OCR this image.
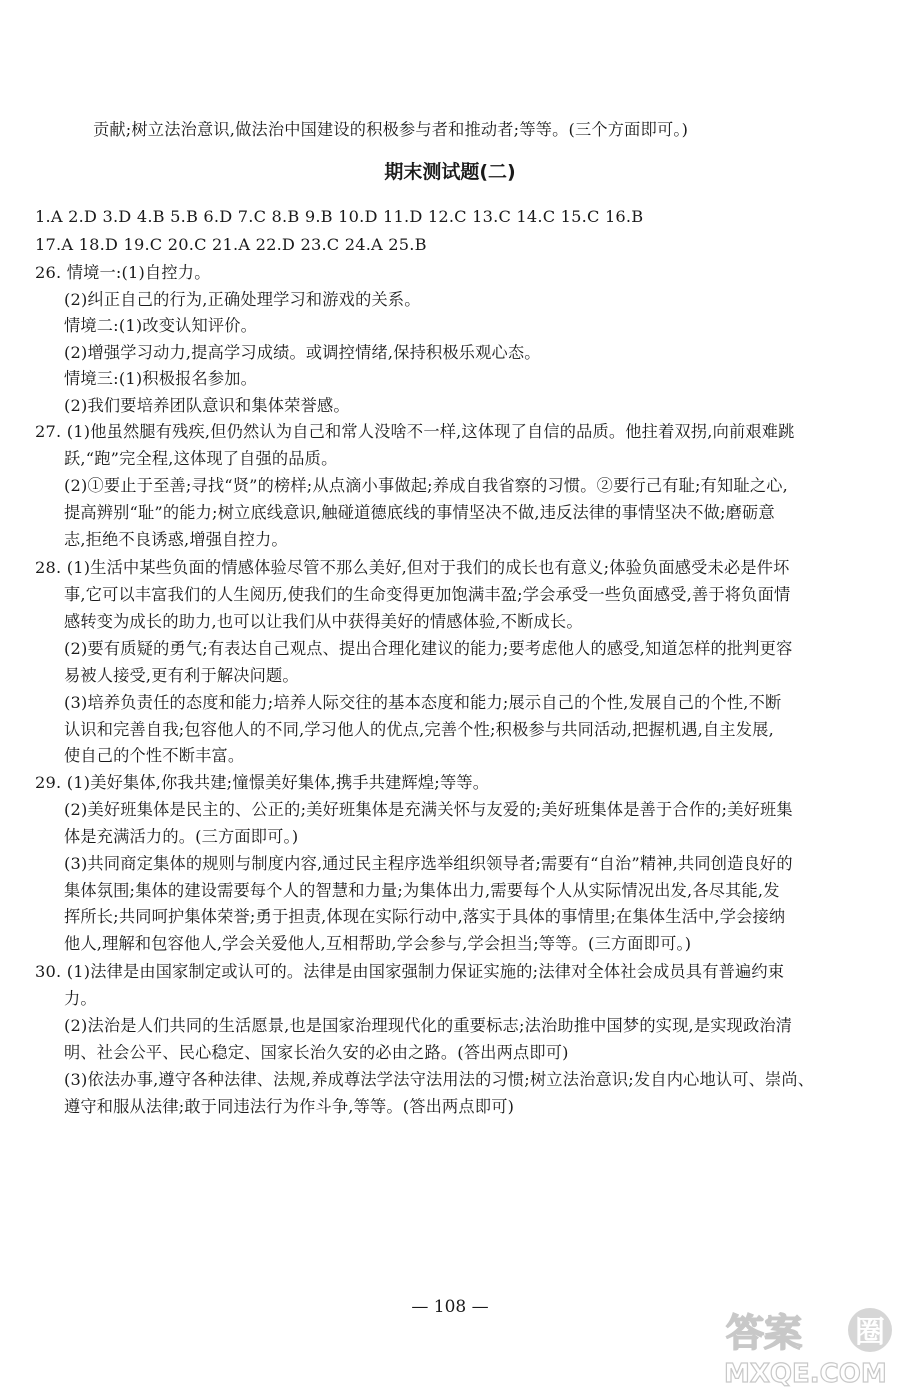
贡献;树立法治意识,做法治中国建设的积极参与者和推动者;等等。(三个方面即可。)
期末测试题(二)
1.A 2.D 3.D 4.B 5.B 6.D 7.C 8.B 9.B 10.D 11.D 12.C 13.C 14.C 15.C 16.B
17.A 18.D 19.C 20.C 21.A 22.D 23.C 24.A 25.B
26. 情境一:(1)自控力。
(2)纠正自己的行为,正确处理学习和游戏的关系。
情境二:(1)改变认知评价。
(2)增强学习动力,提高学习成绩。或调控情绪,保持积极乐观心态。
情境三:(1)积极报名参加。
(2)我们要培养团队意识和集体荣誉感。
27. (1)他虽然腿有残疾,但仍然认为自己和常人没啥不一样,这体现了自信的品质。他拄着双拐,向前艰难跳
跃,“跑”完全程,这体现了自强的品质。
(2)①要止于至善;寻找“贤”的榜样;从点滴小事做起;养成自我省察的习惯。②要行己有耻;有知耻之心,
提高辨别“耻”的能力;树立底线意识,触碰道德底线的事情坚决不做,违反法律的事情坚决不做;磨砺意
志,拒绝不良诱惑,增强自控力。
28. (1)生活中某些负面的情感体验尽管不那么美好,但对于我们的成长也有意义;体验负面感受未必是件坏
事,它可以丰富我们的人生阅历,使我们的生命变得更加饱满丰盈;学会承受一些负面感受,善于将负面情
感转变为成长的助力,也可以让我们从中获得美好的情感体验,不断成长。
(2)要有质疑的勇气;有表达自己观点、提出合理化建议的能力;要考虑他人的感受,知道怎样的批判更容
易被人接受,更有利于解决问题。
(3)培养负责任的态度和能力;培养人际交往的基本态度和能力;展示自己的个性,发展自己的个性,不断
认识和完善自我;包容他人的不同,学习他人的优点,完善个性;积极参与共同活动,把握机遇,自主发展,
使自己的个性不断丰富。
29. (1)美好集体,你我共建;憧憬美好集体,携手共建辉煌;等等。
(2)美好班集体是民主的、公正的;美好班集体是充满关怀与友爱的;美好班集体是善于合作的;美好班集
体是充满活力的。(三方面即可。)
(3)共同商定集体的规则与制度内容,通过民主程序选举组织领导者;需要有“自治”精神,共同创造良好的
集体氛围;集体的建设需要每个人的智慧和力量;为集体出力,需要每个人从实际情况出发,各尽其能,发
挥所长;共同呵护集体荣誉;勇于担责,体现在实际行动中,落实于具体的事情里;在集体生活中,学会接纳
他人,理解和包容他人,学会关爱他人,互相帮助,学会参与,学会担当;等等。(三方面即可。)
30. (1)法律是由国家制定或认可的。法律是由国家强制力保证实施的;法律对全体社会成员具有普遍约束
力。
(2)法治是人们共同的生活愿景,也是国家治理现代化的重要标志;法治助推中国梦的实现,是实现政治清
明、社会公平、民心稳定、国家长治久安的必由之路。(答出两点即可)
(3)依法办事,遵守各种法律、法规,养成尊法学法守法用法的习惯;树立法治意识;发自内心地认可、崇尚、
遵守和服从法律;敢于同违法行为作斗争,等等。(答出两点即可)
— 108 —
答案 圈
MXQE.COM
